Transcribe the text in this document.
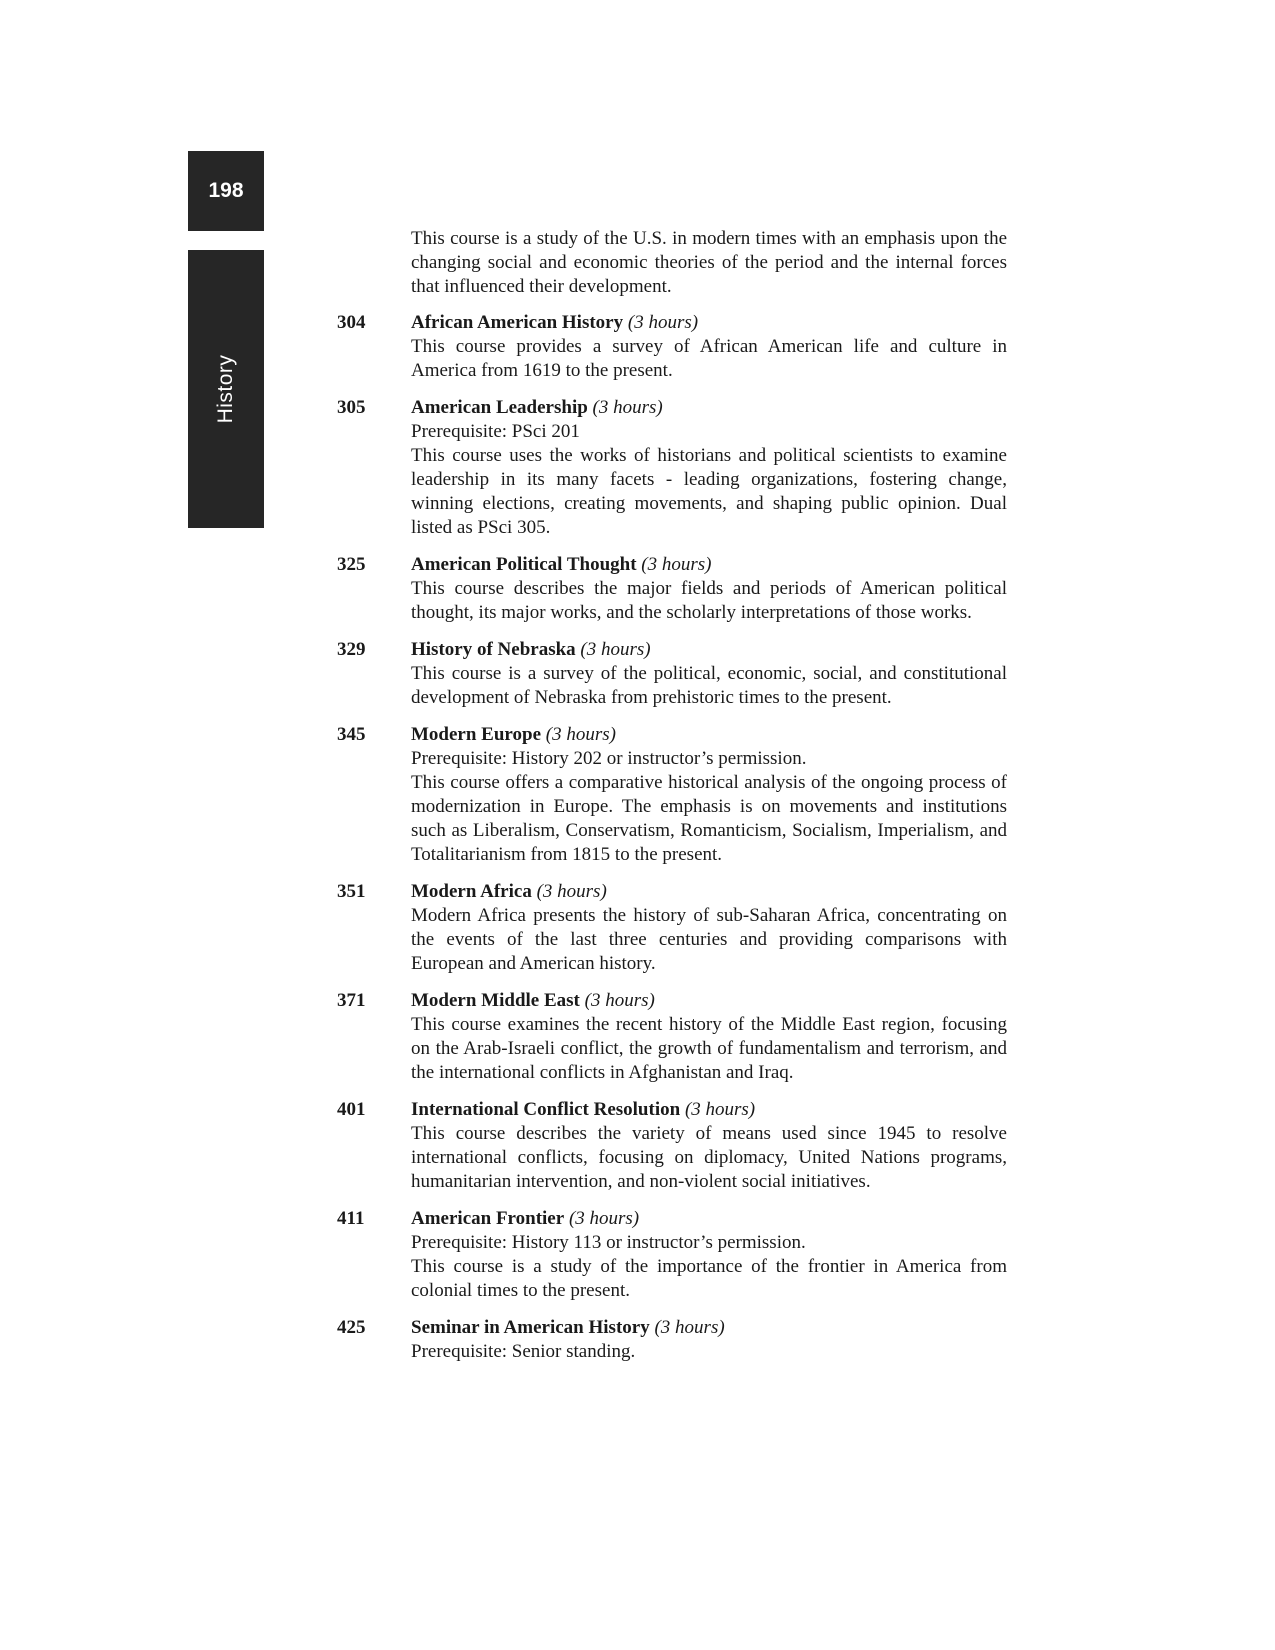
198
History
This course is a study of the U.S. in modern times with an emphasis upon the changing social and economic theories of the period and the internal forces that influenced their development.
304	African American History (3 hours)
This course provides a survey of African American life and culture in America from 1619 to the present.
305	American Leadership (3 hours)
Prerequisite: PSci 201
This course uses the works of historians and political scientists to examine leadership in its many facets - leading organizations, fostering change, winning elections, creating movements, and shaping public opinion. Dual listed as PSci 305.
325	American Political Thought (3 hours)
This course describes the major fields and periods of American political thought, its major works, and the scholarly interpretations of those works.
329	History of Nebraska (3 hours)
This course is a survey of the political, economic, social, and constitutional development of Nebraska from prehistoric times to the present.
345	Modern Europe (3 hours)
Prerequisite: History 202 or instructor’s permission.
This course offers a comparative historical analysis of the ongoing process of modernization in Europe. The emphasis is on movements and institutions such as Liberalism, Conservatism, Romanticism, Socialism, Imperialism, and Totalitarianism from 1815 to the present.
351	Modern Africa (3 hours)
Modern Africa presents the history of sub-Saharan Africa, concentrating on the events of the last three centuries and providing comparisons with European and American history.
371	Modern Middle East (3 hours)
This course examines the recent history of the Middle East region, focusing on the Arab-Israeli conflict, the growth of fundamentalism and terrorism, and the international conflicts in Afghanistan and Iraq.
401	International Conflict Resolution (3 hours)
This course describes the variety of means used since 1945 to resolve international conflicts, focusing on diplomacy, United Nations programs, humanitarian intervention, and non-violent social initiatives.
411	American Frontier (3 hours)
Prerequisite: History 113 or instructor’s permission.
This course is a study of the importance of the frontier in America from colonial times to the present.
425	Seminar in American History (3 hours)
Prerequisite: Senior standing.
